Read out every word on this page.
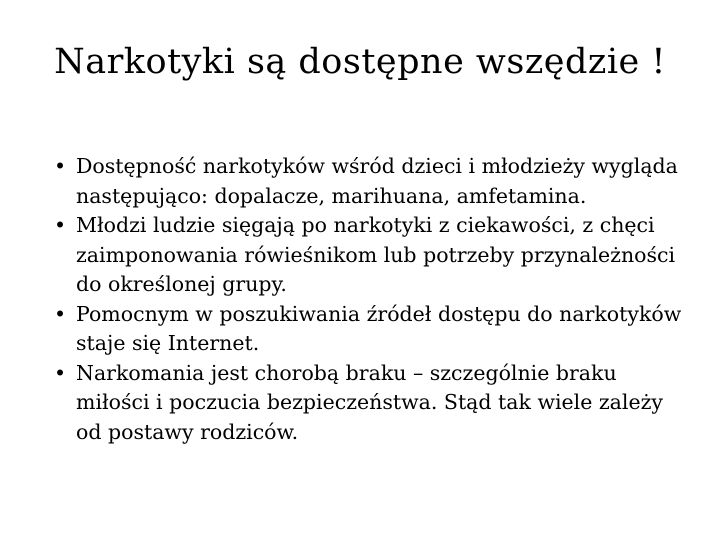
Narkotyki są dostępne wszędzie !
• Dostępność narkotyków wśród dzieci i młodzieży wygląda następująco: dopalacze, marihuana, amfetamina.
• Młodzi ludzie sięgają po narkotyki z ciekawości, z chęci zaimponowania rówieśnikom lub potrzeby przynależności do określonej grupy.
• Pomocnym w poszukiwania źródeł dostępu do narkotyków staje się Internet.
• Narkomania jest chorobą braku – szczególnie braku miłości i poczucia bezpieczeństwa. Stąd tak wiele zależy od postawy rodziców.
